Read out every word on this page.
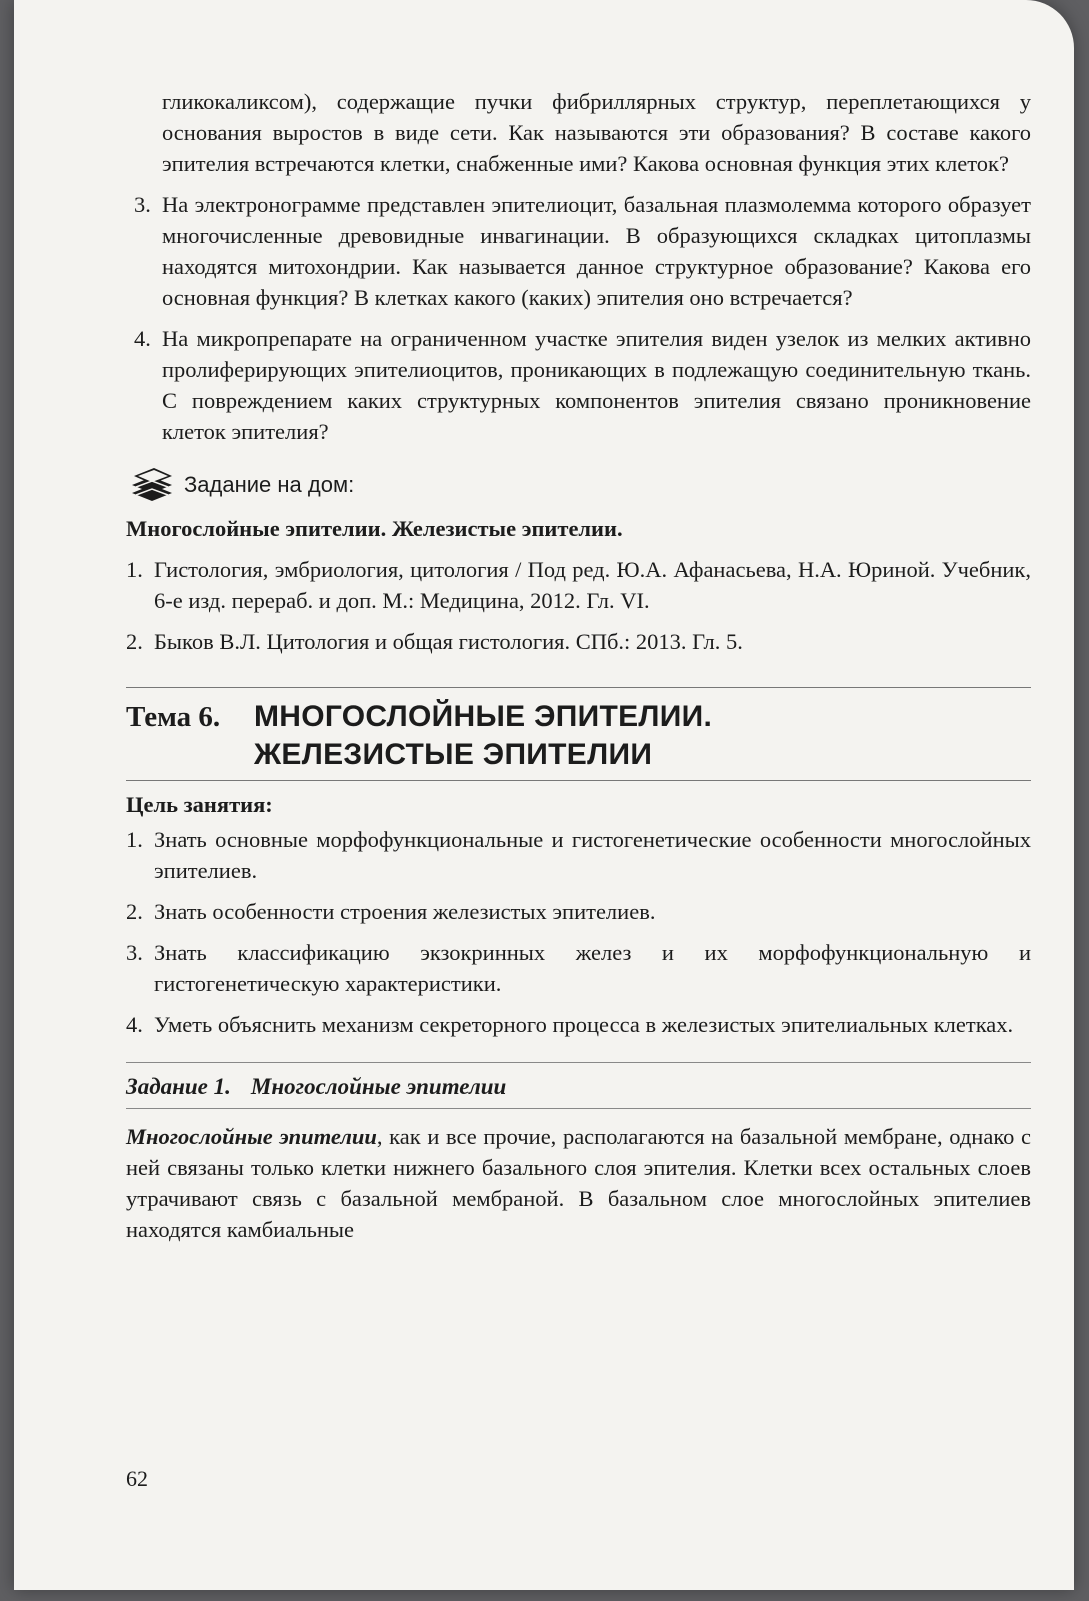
гликокаликсом), содержащие пучки фибриллярных структур, переплетающихся у основания выростов в виде сети. Как называются эти образования? В составе какого эпителия встречаются клетки, снабженные ими? Какова основная функция этих клеток?

3. На электронограмме представлен эпителиоцит, базальная плазмолемма которого образует многочисленные древовидные инвагинации. В образующихся складках цитоплазмы находятся митохондрии. Как называется данное структурное образование? Какова его основная функция? В клетках какого (каких) эпителия оно встречается?
4. На микропрепарате на ограниченном участке эпителия виден узелок из мелких активно пролиферирующих эпителиоцитов, проникающих в подлежащую соединительную ткань. С повреждением каких структурных компонентов эпителия связано проникновение клеток эпителия?
Задание на дом:
Многослойные эпителии. Железистые эпителии.
1. Гистология, эмбриология, цитология / Под ред. Ю.А. Афанасьева, Н.А. Юриной. Учебник, 6-е изд. перераб. и доп. М.: Медицина, 2012. Гл. VI.
2. Быков В.Л. Цитология и общая гистология. СПб.: 2013. Гл. 5.
Тема 6.	МНОГОСЛОЙНЫЕ ЭПИТЕЛИИ.
ЖЕЛЕЗИСТЫЕ ЭПИТЕЛИИ
Цель занятия:
1. Знать основные морфофункциональные и гистогенетические особенности многослойных эпителиев.
2. Знать особенности строения железистых эпителиев.
3. Знать классификацию экзокринных желез и их морфофункциональную и гистогенетическую характеристики.
4. Уметь объяснить механизм секреторного процесса в железистых эпителиальных клетках.
Задание 1. Многослойные эпителии

Многослойные эпителии, как и все прочие, располагаются на базальной мембране, однако с ней связаны только клетки нижнего базального слоя эпителия. Клетки всех остальных слоев утрачивают связь с базальной мембраной. В базальном слое многослойных эпителиев находятся камбиальные

62
